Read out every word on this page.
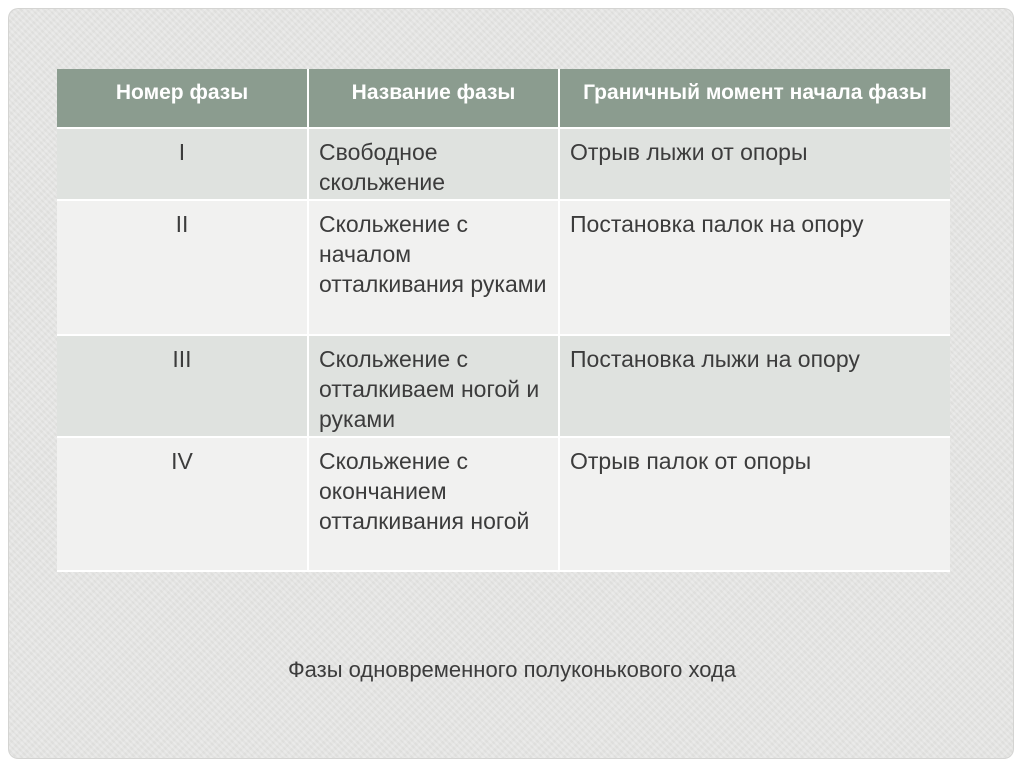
Номер фазы	Название фазы	Граничный момент начала фазы
I	Свободное скольжение	Отрыв лыжи от опоры
II	Скольжение с началом отталкивания руками	Постановка палок на опору
III	Скольжение с отталкиваем ногой и руками	Постановка лыжи на опору
IV	Скольжение с окончанием отталкивания ногой	Отрыв палок от опоры
Фазы одновременного полуконькового хода
